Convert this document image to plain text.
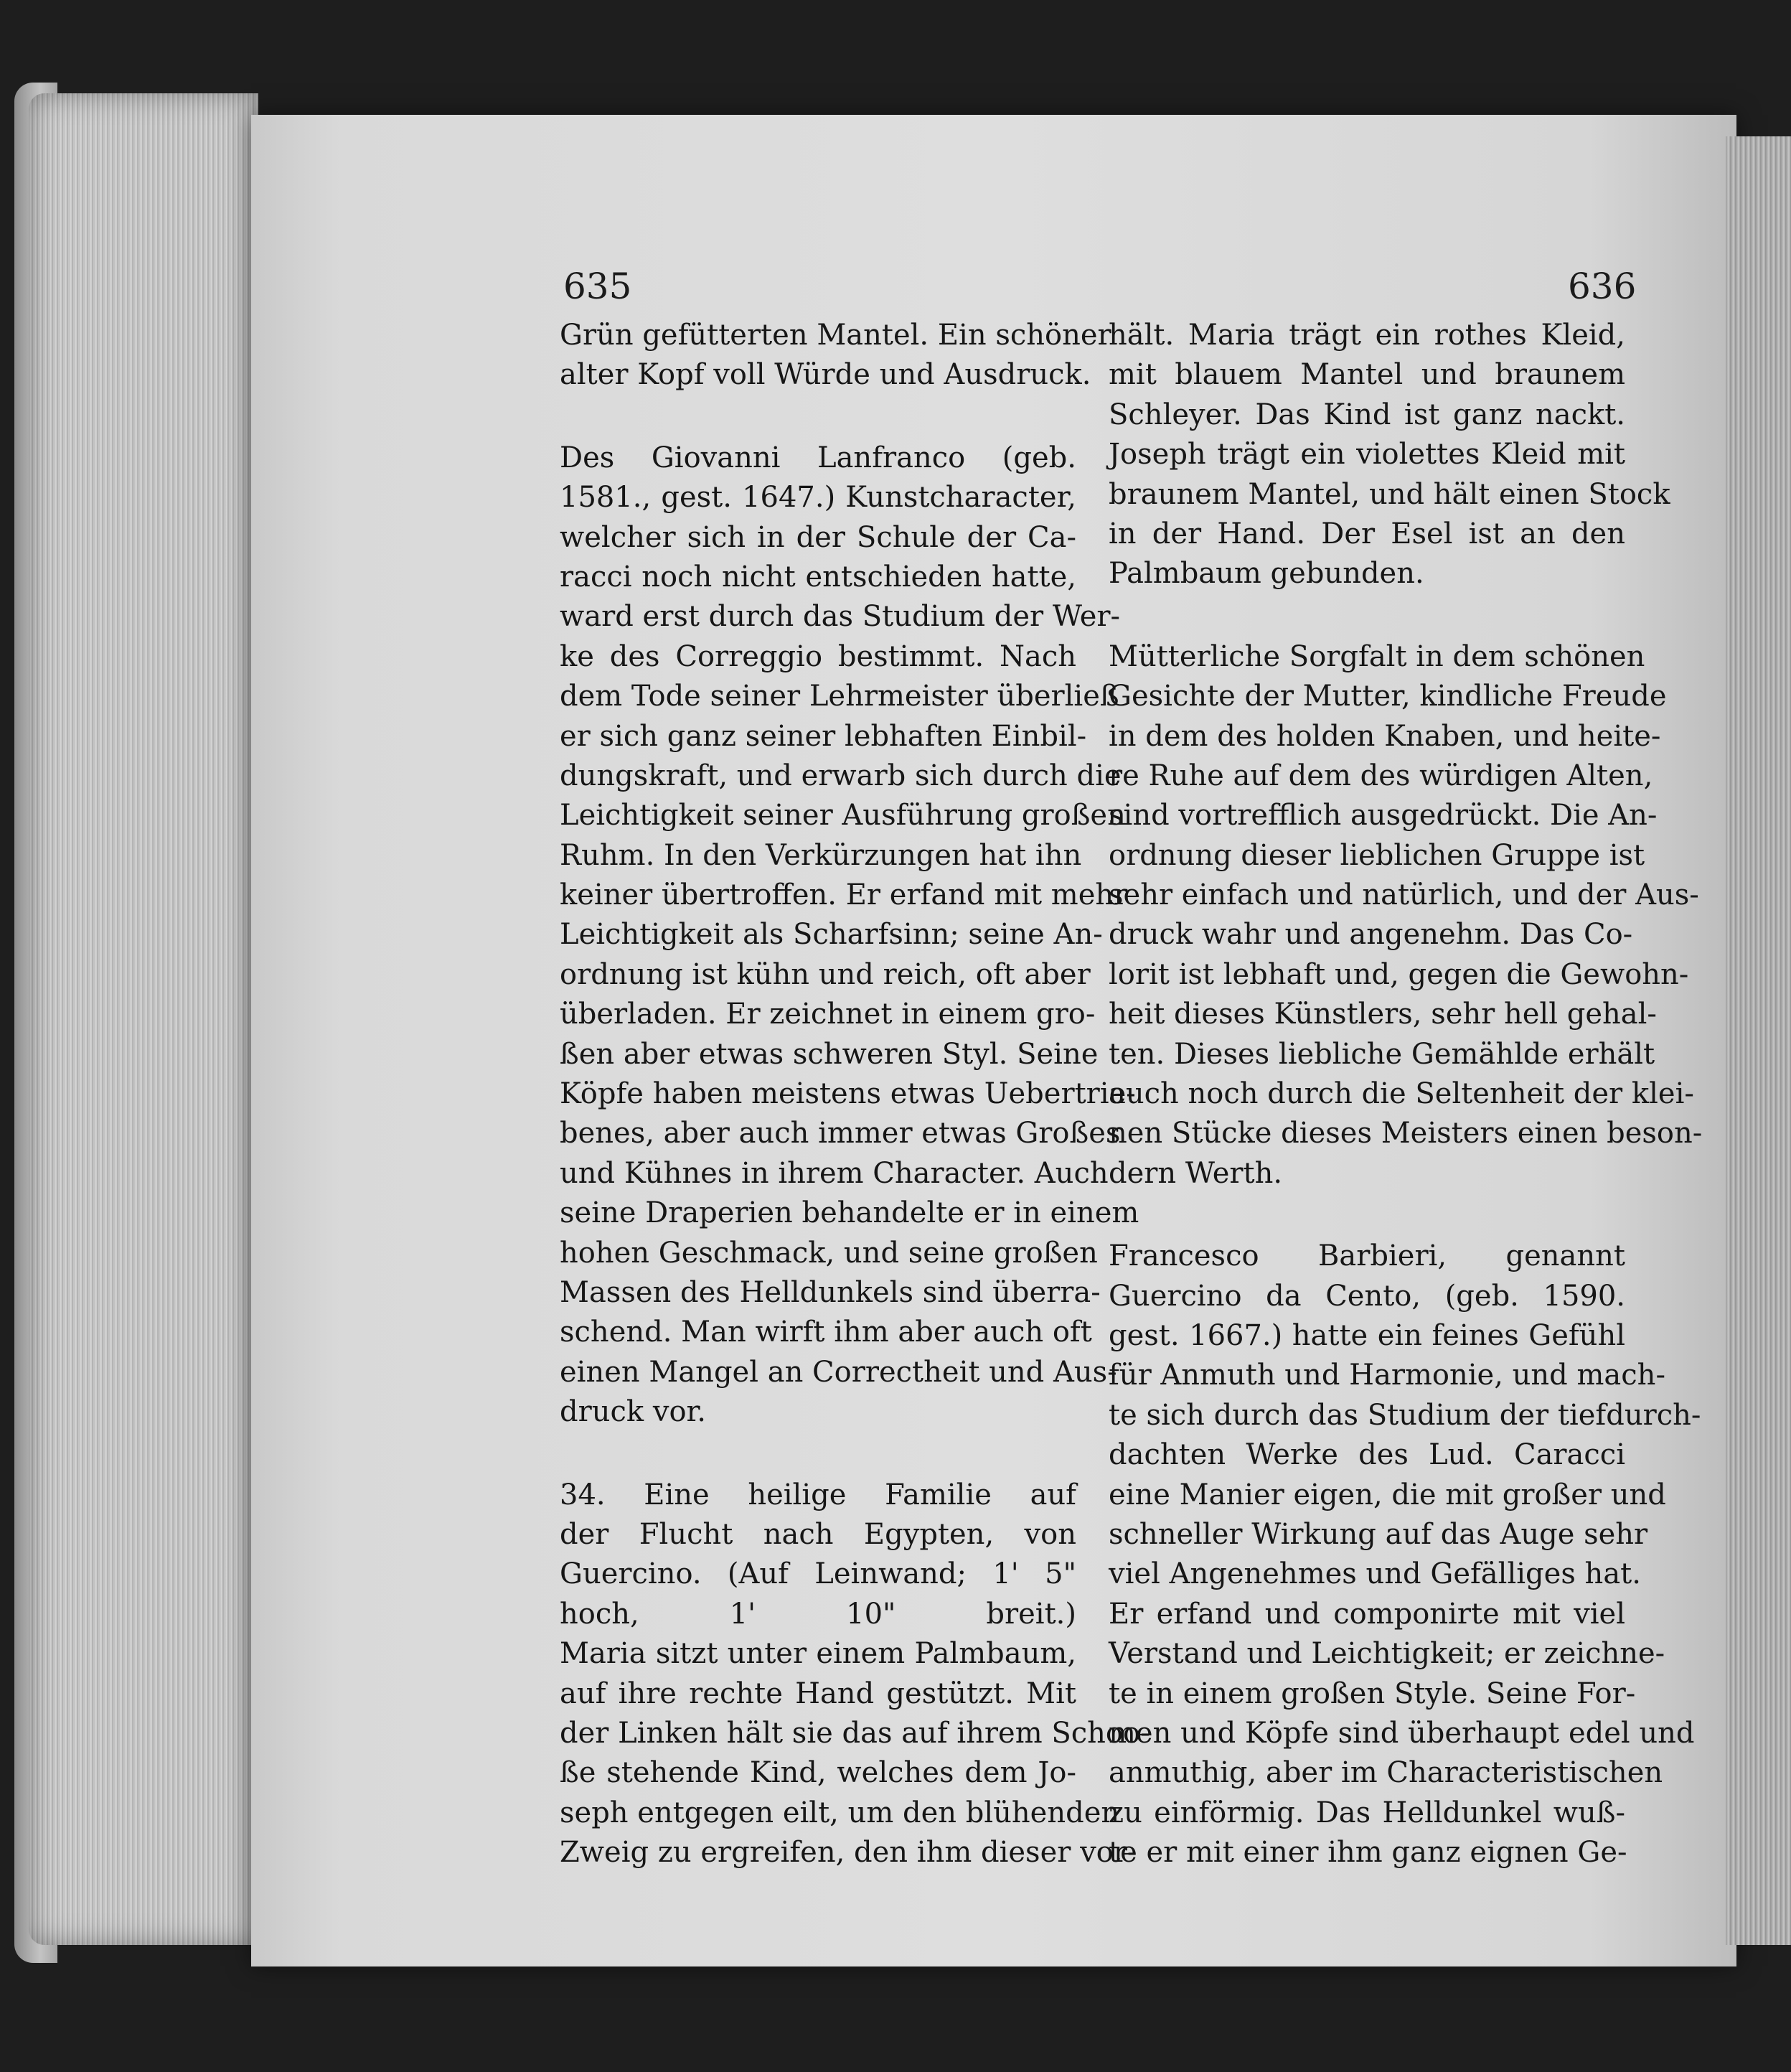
635	636
Grün gefütterten Mantel. Ein schöner
alter Kopf voll Würde und Ausdruck.
Des Giovanni Lanfranco (geb.
1581., gest. 1647.) Kunstcharacter,
welcher sich in der Schule der Ca-
racci noch nicht entschieden hatte,
ward erst durch das Studium der Wer-
ke des Correggio bestimmt. Nach
dem Tode seiner Lehrmeister überließ
er sich ganz seiner lebhaften Einbil-
dungskraft, und erwarb sich durch die
Leichtigkeit seiner Ausführung großen
Ruhm. In den Verkürzungen hat ihn
keiner übertroffen. Er erfand mit mehr
Leichtigkeit als Scharfsinn; seine An-
ordnung ist kühn und reich, oft aber
überladen. Er zeichnet in einem gro-
ßen aber etwas schweren Styl. Seine
Köpfe haben meistens etwas Uebertrie-
benes, aber auch immer etwas Großes
und Kühnes in ihrem Character. Auch
seine Draperien behandelte er in einem
hohen Geschmack, und seine großen
Massen des Helldunkels sind überra-
schend. Man wirft ihm aber auch oft
einen Mangel an Correctheit und Aus-
druck vor.
34. Eine heilige Familie auf
der Flucht nach Egypten, von
Guercino. (Auf Leinwand; 1' 5"
hoch, 1' 10" breit.)
Maria sitzt unter einem Palmbaum,
auf ihre rechte Hand gestützt. Mit
der Linken hält sie das auf ihrem Schoo-
ße stehende Kind, welches dem Jo-
seph entgegen eilt, um den blühenden
Zweig zu ergreifen, den ihm dieser vor-
hält. Maria trägt ein rothes Kleid,
mit blauem Mantel und braunem
Schleyer. Das Kind ist ganz nackt.
Joseph trägt ein violettes Kleid mit
braunem Mantel, und hält einen Stock
in der Hand. Der Esel ist an den
Palmbaum gebunden.
Mütterliche Sorgfalt in dem schönen
Gesichte der Mutter, kindliche Freude
in dem des holden Knaben, und heite-
re Ruhe auf dem des würdigen Alten,
sind vortrefflich ausgedrückt. Die An-
ordnung dieser lieblichen Gruppe ist
sehr einfach und natürlich, und der Aus-
druck wahr und angenehm. Das Co-
lorit ist lebhaft und, gegen die Gewohn-
heit dieses Künstlers, sehr hell gehal-
ten. Dieses liebliche Gemählde erhält
auch noch durch die Seltenheit der klei-
nen Stücke dieses Meisters einen beson-
dern Werth.
Francesco Barbieri, genannt
Guercino da Cento, (geb. 1590.
gest. 1667.) hatte ein feines Gefühl
für Anmuth und Harmonie, und mach-
te sich durch das Studium der tiefdurch-
dachten Werke des Lud. Caracci
eine Manier eigen, die mit großer und
schneller Wirkung auf das Auge sehr
viel Angenehmes und Gefälliges hat.
Er erfand und componirte mit viel
Verstand und Leichtigkeit; er zeichne-
te in einem großen Style. Seine For-
men und Köpfe sind überhaupt edel und
anmuthig, aber im Characteristischen
zu einförmig. Das Helldunkel wuß-
te er mit einer ihm ganz eignen Ge-
